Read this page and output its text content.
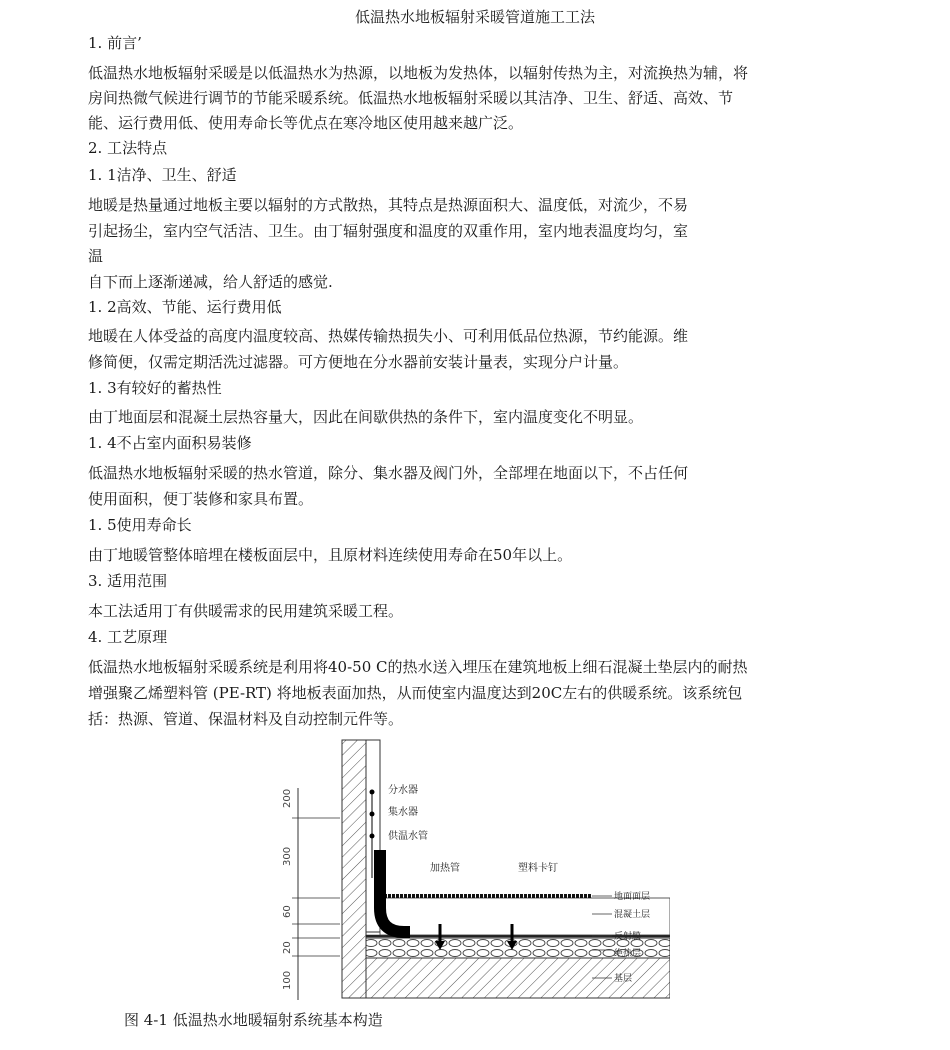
低温热水地板辐射采暖管道施工工法
1. 前言’
低温热水地板辐射采暖是以低温热水为热源，以地板为发热体，以辐射传热为主，对流换热为辅，将
房间热微气候进行调节的节能采暖系统。低温热水地板辐射采暖以其洁净、卫生、舒适、高效、节
能、运行费用低、使用寿命长等优点在寒冷地区使用越来越广泛。
2. 工法特点
1. 1洁净、卫生、舒适
地暖是热量通过地板主要以辐射的方式散热，其特点是热源面积大、温度低，对流少，不易
引起扬尘，室内空气活洁、卫生。由丁辐射强度和温度的双重作用，室内地表温度均匀，室
温
自下而上逐渐递减，给人舒适的感觉.
1. 2高效、节能、运行费用低
地暖在人体受益的高度内温度较高、热媒传输热损失小、可利用低品位热源，节约能源。维
修简便，仅需定期活洗过滤器。可方便地在分水器前安装计量表，实现分户计量。
1. 3有较好的蓄热性
由丁地面层和混凝土层热容量大，因此在间歇供热的条件下，室内温度变化不明显。
1. 4不占室内面积易装修
低温热水地板辐射采暖的热水管道，除分、集水器及阀门外，全部埋在地面以下，不占任何
使用面积，便丁装修和家具布置。
1. 5使用寿命长
由丁地暖管整体暗埋在楼板面层中，且原材料连续使用寿命在50年以上。
3. 适用范围
本工法适用丁有供暖需求的民用建筑采暖工程。
4. 工艺原理
低温热水地板辐射采暖系统是利用将40-50 C的热水送入埋压在建筑地板上细石混凝土垫层内的耐热
增强聚乙烯塑料管 (PE-RT) 将地板表面加热，从而使室内温度达到20C左右的供暖系统。该系统包
括：热源、管道、保温材料及自动控制元件等。
200
300
60
20
100
分水器
集水器
供温水管
加热管	塑料卡钉
地面面层
混凝土层
反射膜
绝热层
基层
图 4-1 低温热水地暖辐射系统基本构造
